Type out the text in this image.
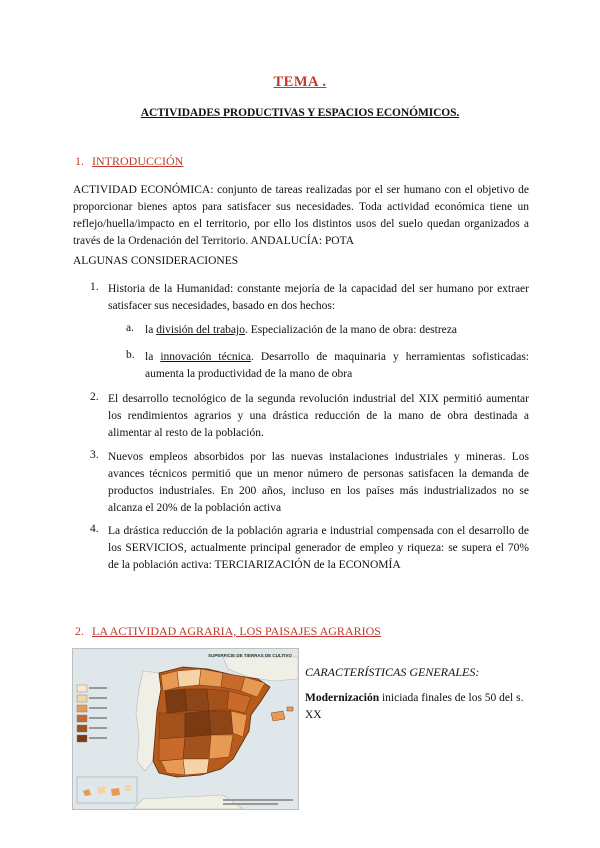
TEMA .
ACTIVIDADES PRODUCTIVAS Y ESPACIOS ECONÓMICOS.
1. INTRODUCCIÓN
ACTIVIDAD ECONÓMICA: conjunto de tareas realizadas por el ser humano con el objetivo de proporcionar bienes aptos para satisfacer sus necesidades. Toda actividad económica tiene un reflejo/huella/impacto en el territorio, por ello los distintos usos del suelo quedan organizados a través de la Ordenación del Territorio. ANDALUCÍA: POTA
ALGUNAS CONSIDERACIONES
1. Historia de la Humanidad: constante mejoría de la capacidad del ser humano por extraer satisfacer sus necesidades, basado en dos hechos:
a. la división del trabajo. Especialización de la mano de obra: destreza
b. la innovación técnica. Desarrollo de maquinaria y herramientas sofisticadas: aumenta la productividad de la mano de obra
2. El desarrollo tecnológico de la segunda revolución industrial del XIX permitió aumentar los rendimientos agrarios y una drástica reducción de la mano de obra destinada a alimentar al resto de la población.
3. Nuevos empleos absorbidos por las nuevas instalaciones industriales y mineras. Los avances técnicos permitió que un menor número de personas satisfacen la demanda de productos industriales. En 200 años, incluso en los países más industrializados no se alcanza el 20% de la población activa
4. La drástica reducción de la población agraria e industrial compensada con el desarrollo de los SERVICIOS, actualmente principal generador de empleo y riqueza: se supera el 70% de la población activa: TERCIARIZACIÓN de la ECONOMÍA
2. LA ACTIVIDAD AGRARIA, LOS PAISAJES AGRARIOS
SUPERFICIE DE TIERRAS DE CULTIVO
CARACTERÍSTICAS GENERALES:
Modernización iniciada finales de los 50 del s. XX
